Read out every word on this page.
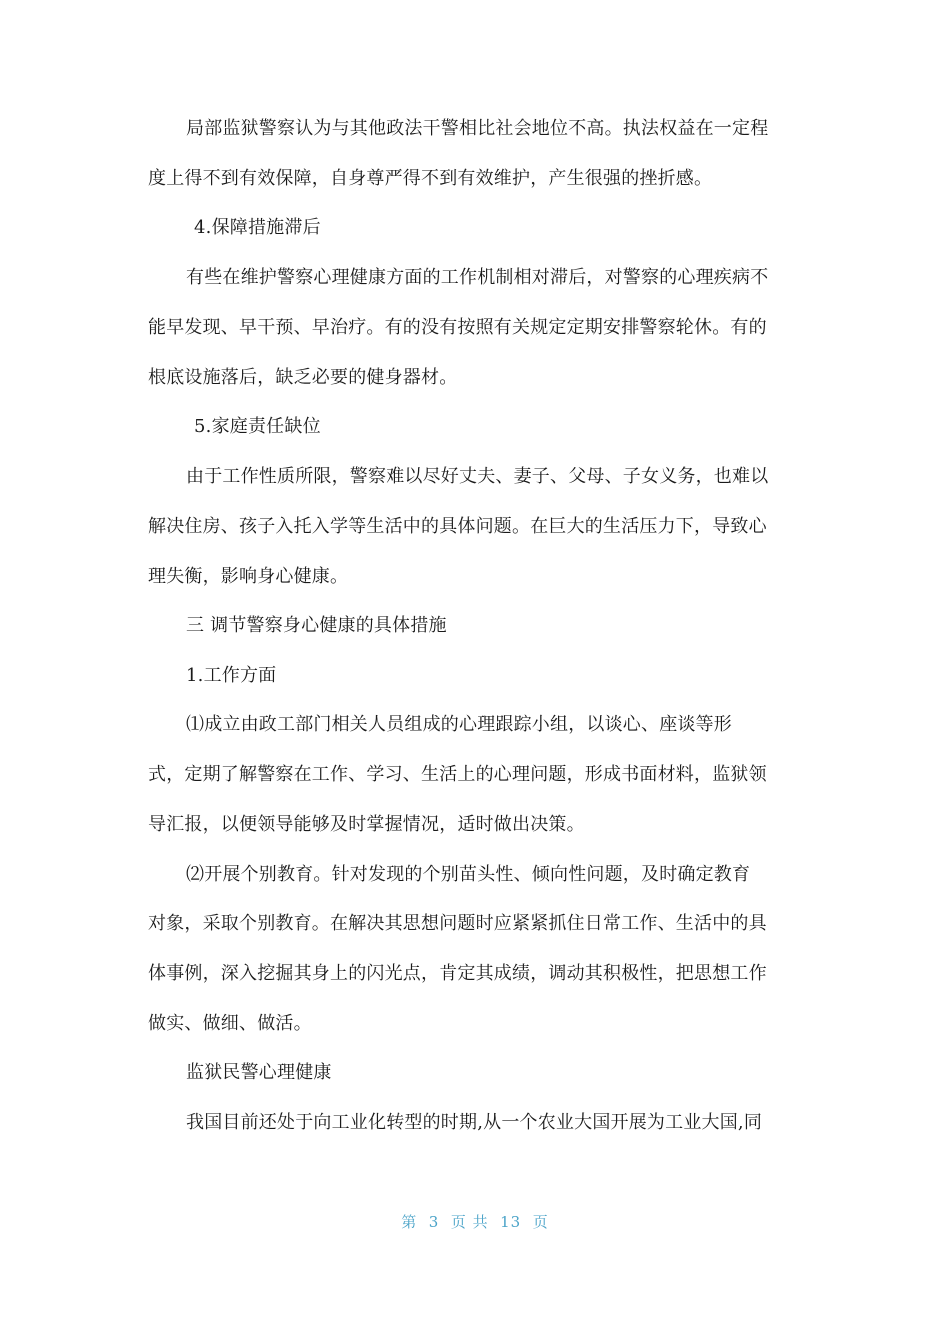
局部监狱警察认为与其他政法干警相比社会地位不高。执法权益在一定程
度上得不到有效保障，自身尊严得不到有效维护，产生很强的挫折感。
4.保障措施滞后
有些在维护警察心理健康方面的工作机制相对滞后，对警察的心理疾病不
能早发现、早干预、早治疗。有的没有按照有关规定定期安排警察轮休。有的
根底设施落后，缺乏必要的健身器材。
5.家庭责任缺位
由于工作性质所限，警察难以尽好丈夫、妻子、父母、子女义务，也难以
解决住房、孩子入托入学等生活中的具体问题。在巨大的生活压力下，导致心
理失衡，影响身心健康。
三 调节警察身心健康的具体措施
1.工作方面
⑴成立由政工部门相关人员组成的心理跟踪小组，以谈心、座谈等形
式，定期了解警察在工作、学习、生活上的心理问题，形成书面材料，监狱领
导汇报，以便领导能够及时掌握情况，适时做出决策。
⑵开展个别教育。针对发现的个别苗头性、倾向性问题，及时确定教育
对象，采取个别教育。在解决其思想问题时应紧紧抓住日常工作、生活中的具
体事例，深入挖掘其身上的闪光点，肯定其成绩，调动其积极性，把思想工作
做实、做细、做活。
监狱民警心理健康
我国目前还处于向工业化转型的时期,从一个农业大国开展为工业大国,同
第  3  页 共  13  页
